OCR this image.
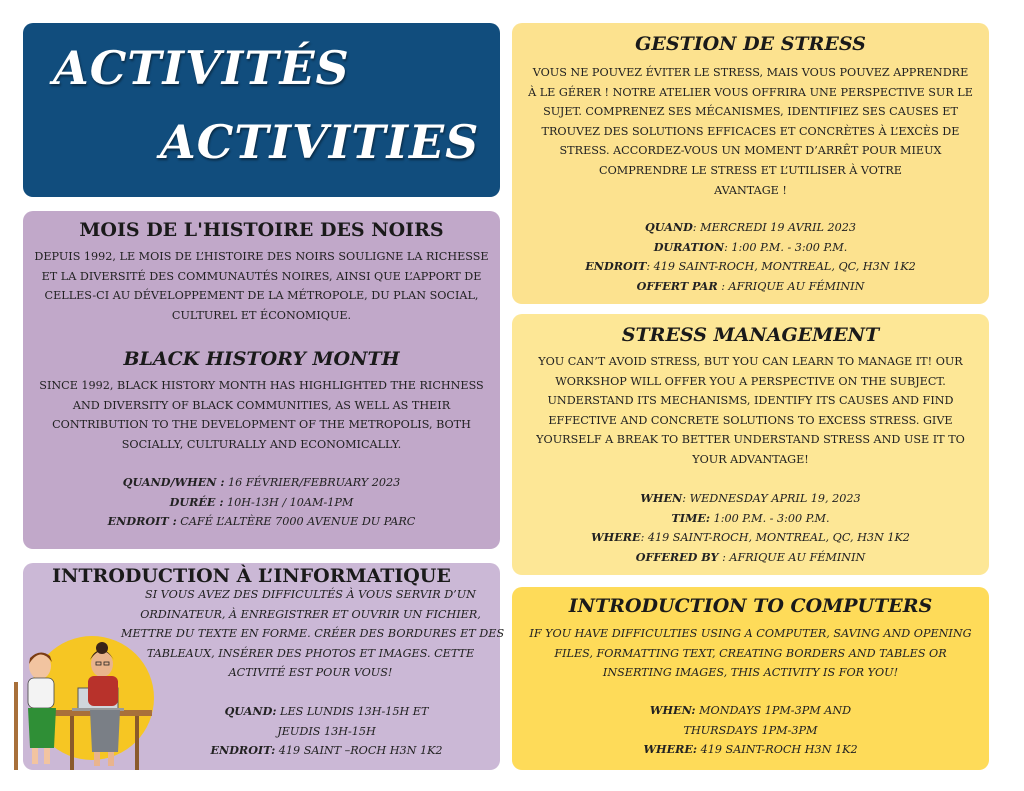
ACTIVITÉS
ACTIVITIES
MOIS DE L'HISTOIRE DES NOIRS
DEPUIS 1992, LE MOIS DE L’HISTOIRE DES NOIRS SOULIGNE LA RICHESSE
ET LA DIVERSITÉ DES COMMUNAUTÉS NOIRES, AINSI QUE L’APPORT DE
CELLES-CI AU DÉVELOPPEMENT DE LA MÉTROPOLE, DU PLAN SOCIAL,
CULTUREL ET ÉCONOMIQUE.
BLACK HISTORY MONTH
SINCE 1992, BLACK HISTORY MONTH HAS HIGHLIGHTED THE RICHNESS
AND DIVERSITY OF BLACK COMMUNITIES, AS WELL AS THEIR
CONTRIBUTION TO THE DEVELOPMENT OF THE METROPOLIS, BOTH
SOCIALLY, CULTURALLY AND ECONOMICALLY.
QUAND/WHEN : 16 FÉVRIER/FEBRUARY 2023
DURÉE : 10H-13H / 10AM-1PM
ENDROIT : CAFÉ L’ALTÈRE 7000 AVENUE DU PARC
INTRODUCTION À L’INFORMATIQUE
SI VOUS AVEZ DES DIFFICULTÉS À VOUS SERVIR D’UN
ORDINATEUR, À ENREGISTRER ET OUVRIR UN FICHIER,
METTRE DU TEXTE EN FORME. CRÉER DES BORDURES ET DES
TABLEAUX, INSÉRER DES PHOTOS ET IMAGES. CETTE
ACTIVITÉ EST POUR VOUS!
QUAND: LES LUNDIS 13H-15H ET
JEUDIS 13H-15H
ENDROIT: 419 SAINT –ROCH H3N 1K2
GESTION DE STRESS
VOUS NE POUVEZ ÉVITER LE STRESS, MAIS VOUS POUVEZ APPRENDRE
À LE GÉRER ! NOTRE ATELIER VOUS OFFRIRA UNE PERSPECTIVE SUR LE
SUJET. COMPRENEZ SES MÉCANISMES, IDENTIFIEZ SES CAUSES ET
TROUVEZ DES SOLUTIONS EFFICACES ET CONCRÈTES À L’EXCÈS DE
STRESS. ACCORDEZ-VOUS UN MOMENT D’ARRÊT POUR MIEUX
COMPRENDRE LE STRESS ET L’UTILISER À VOTRE
AVANTAGE !
QUAND: MERCREDI 19 AVRIL 2023
DURATION: 1:00 P.M. - 3:00 P.M.
ENDROIT: 419 SAINT-ROCH, MONTREAL, QC, H3N 1K2
OFFERT PAR : AFRIQUE AU FÉMININ
STRESS MANAGEMENT
YOU CAN’T AVOID STRESS, BUT YOU CAN LEARN TO MANAGE IT! OUR
WORKSHOP WILL OFFER YOU A PERSPECTIVE ON THE SUBJECT.
UNDERSTAND ITS MECHANISMS, IDENTIFY ITS CAUSES AND FIND
EFFECTIVE AND CONCRETE SOLUTIONS TO EXCESS STRESS. GIVE
YOURSELF A BREAK TO BETTER UNDERSTAND STRESS AND USE IT TO
YOUR ADVANTAGE!
WHEN: WEDNESDAY APRIL 19, 2023
TIME: 1:00 P.M. - 3:00 P.M.
WHERE: 419 SAINT-ROCH, MONTREAL, QC, H3N 1K2
OFFERED BY : AFRIQUE AU FÉMININ
INTRODUCTION TO COMPUTERS
IF YOU HAVE DIFFICULTIES USING A COMPUTER, SAVING AND OPENING
FILES, FORMATTING TEXT, CREATING BORDERS AND TABLES OR
INSERTING IMAGES, THIS ACTIVITY IS FOR YOU!
WHEN: MONDAYS 1PM-3PM AND
THURSDAYS 1PM-3PM
WHERE: 419 SAINT-ROCH H3N 1K2
